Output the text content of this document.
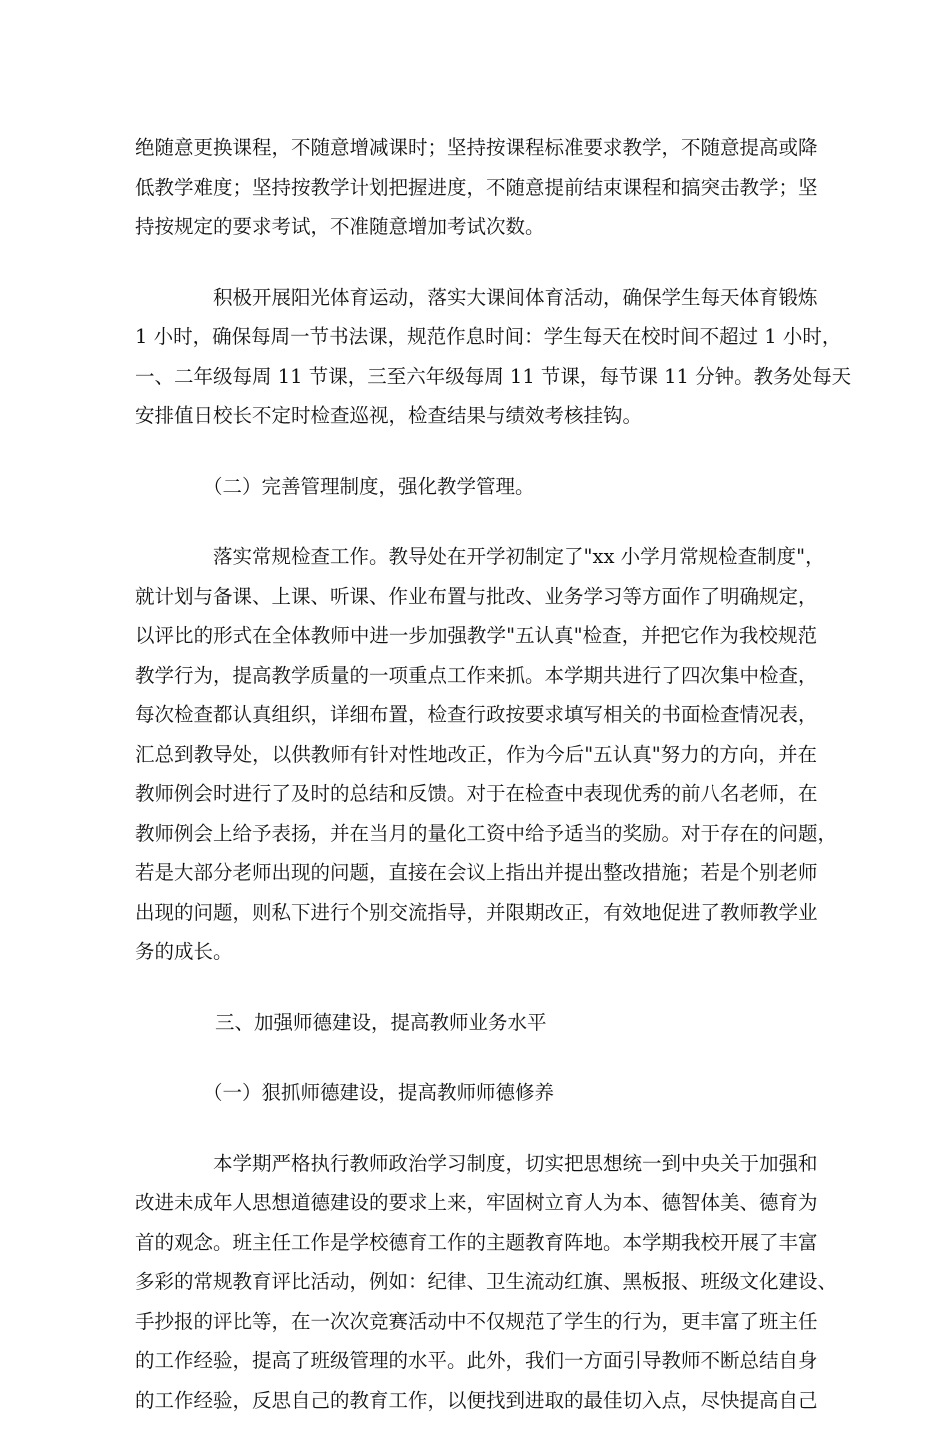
绝随意更换课程，不随意增减课时；坚持按课程标准要求教学，不随意提高或降
低教学难度；坚持按教学计划把握进度，不随意提前结束课程和搞突击教学；坚
持按规定的要求考试，不准随意增加考试次数。
积极开展阳光体育运动，落实大课间体育活动，确保学生每天体育锻炼
1 小时，确保每周一节书法课，规范作息时间：学生每天在校时间不超过 1 小时，
一、二年级每周 11 节课，三至六年级每周 11 节课，每节课 11 分钟。教务处每天
安排值日校长不定时检查巡视，检查结果与绩效考核挂钩。
（二）完善管理制度，强化教学管理。
落实常规检查工作。教导处在开学初制定了"xx 小学月常规检查制度"，
就计划与备课、上课、听课、作业布置与批改、业务学习等方面作了明确规定，
以评比的形式在全体教师中进一步加强教学"五认真"检查，并把它作为我校规范
教学行为，提高教学质量的一项重点工作来抓。本学期共进行了四次集中检查，
每次检查都认真组织，详细布置，检查行政按要求填写相关的书面检查情况表，
汇总到教导处，以供教师有针对性地改正，作为今后"五认真"努力的方向，并在
教师例会时进行了及时的总结和反馈。对于在检查中表现优秀的前八名老师，在
教师例会上给予表扬，并在当月的量化工资中给予适当的奖励。对于存在的问题，
若是大部分老师出现的问题，直接在会议上指出并提出整改措施；若是个别老师
出现的问题，则私下进行个别交流指导，并限期改正，有效地促进了教师教学业
务的成长。
三、加强师德建设，提高教师业务水平
（一）狠抓师德建设，提高教师师德修养
本学期严格执行教师政治学习制度，切实把思想统一到中央关于加强和
改进未成年人思想道德建设的要求上来，牢固树立育人为本、德智体美、德育为
首的观念。班主任工作是学校德育工作的主题教育阵地。本学期我校开展了丰富
多彩的常规教育评比活动，例如：纪律、卫生流动红旗、黑板报、班级文化建设、
手抄报的评比等，在一次次竞赛活动中不仅规范了学生的行为，更丰富了班主任
的工作经验，提高了班级管理的水平。此外，我们一方面引导教师不断总结自身
的工作经验，反思自己的教育工作，以便找到进取的最佳切入点，尽快提高自己
